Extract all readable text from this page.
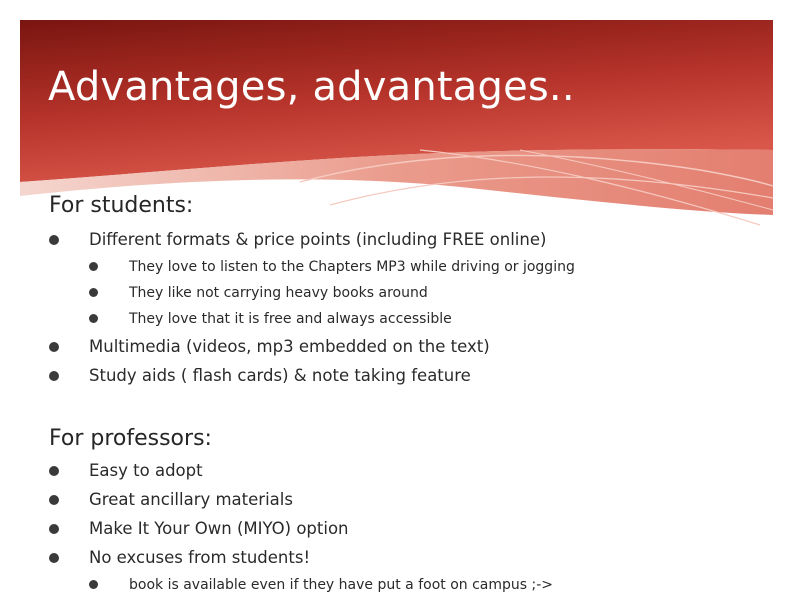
Advantages, advantages..
For students:
Different formats & price points (including FREE online)
They love to listen to the Chapters MP3 while driving or jogging
They like not carrying heavy books around
They love that it is free and always accessible
Multimedia (videos, mp3 embedded on the text)
Study aids ( flash cards) & note taking feature
For professors:
Easy to adopt
Great ancillary materials
Make It Your Own (MIYO) option
No excuses from students!
book is available even if they have put a foot on campus ;->
